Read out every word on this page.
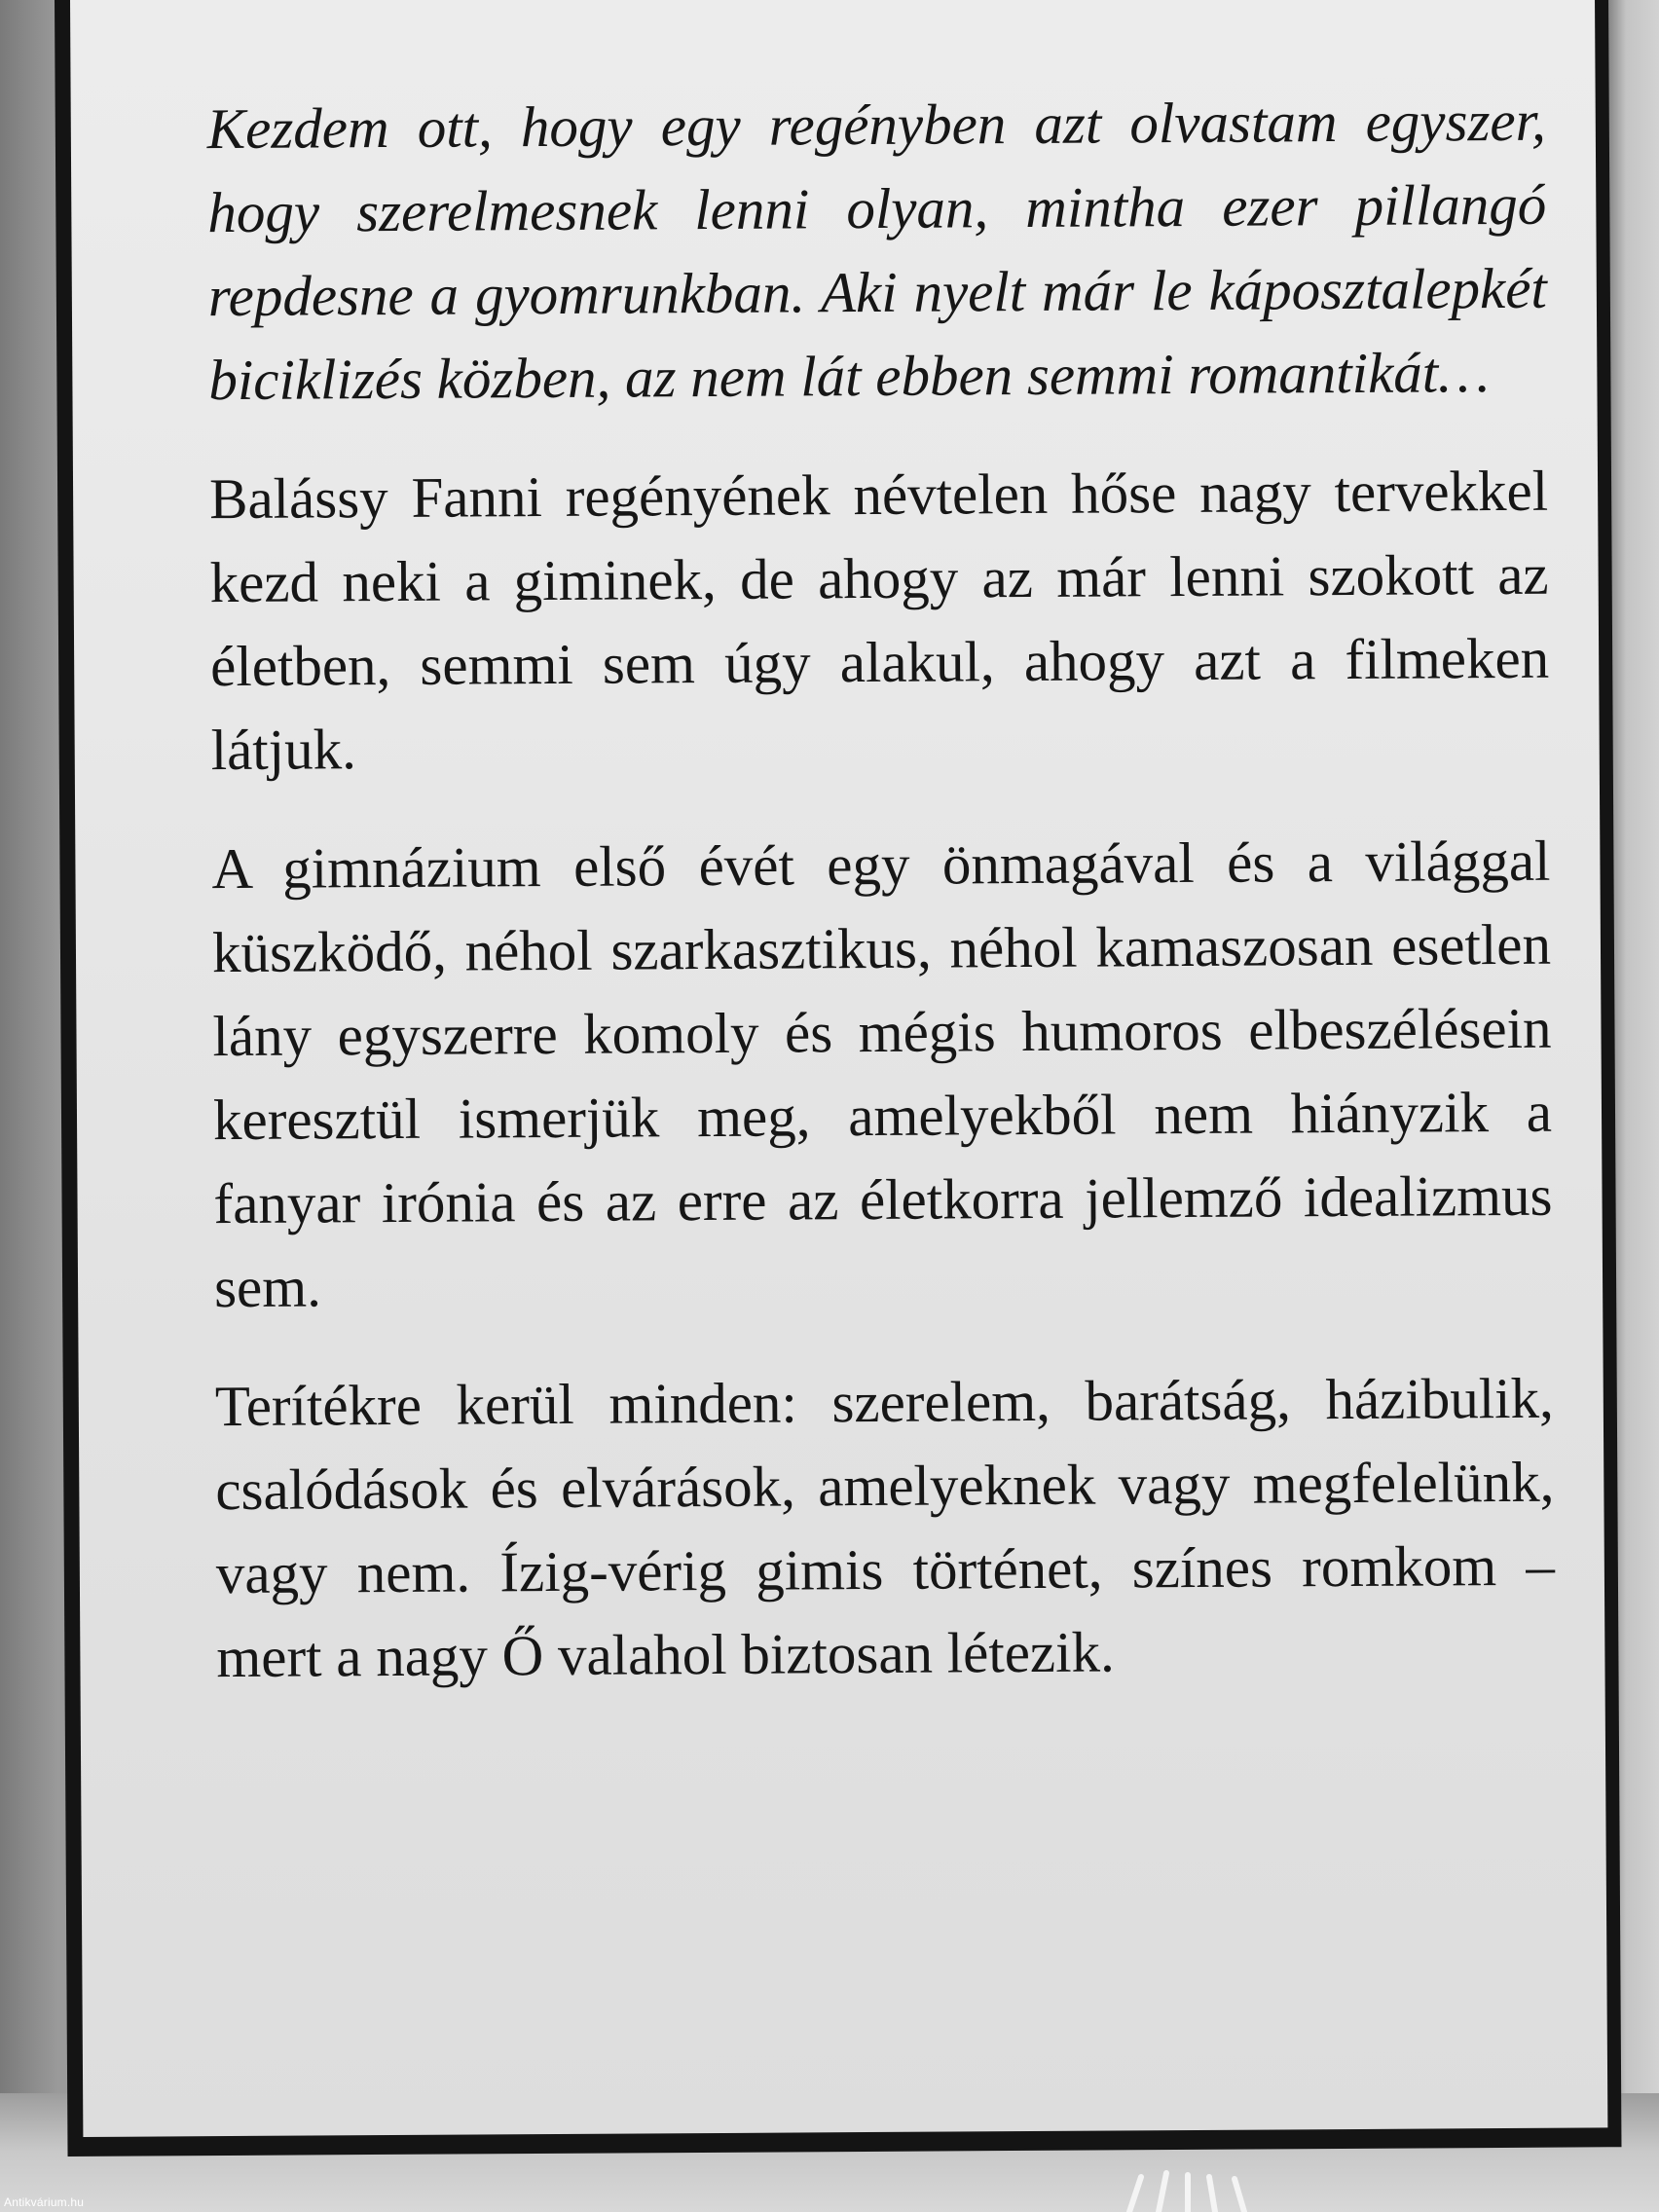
Kezdem ott, hogy egy regényben azt olvastam egyszer, hogy szerelmesnek lenni olyan, mintha ezer pillangó repdesne a gyomrunkban. Aki nyelt már le káposztalepkét biciklizés közben, az nem lát ebben semmi romantikát…

Balássy Fanni regényének névtelen hőse nagy tervekkel kezd neki a giminek, de ahogy az már lenni szokott az életben, semmi sem úgy alakul, ahogy azt a filmeken látjuk.

A gimnázium első évét egy önmagával és a világgal küszködő, néhol szarkasztikus, néhol kamaszosan esetlen lány egyszerre komoly és mégis humoros elbeszélésein keresztül ismerjük meg, amelyekből nem hiányzik a fanyar irónia és az erre az életkorra jellemző idealizmus sem.

Terítékre kerül minden: szerelem, barátság, házibulik, csalódások és elvárások, amelyeknek vagy megfelelünk, vagy nem. Ízig-vérig gimis történet, színes romkom – mert a nagy Ő valahol biztosan létezik.

Antikvárium.hu
